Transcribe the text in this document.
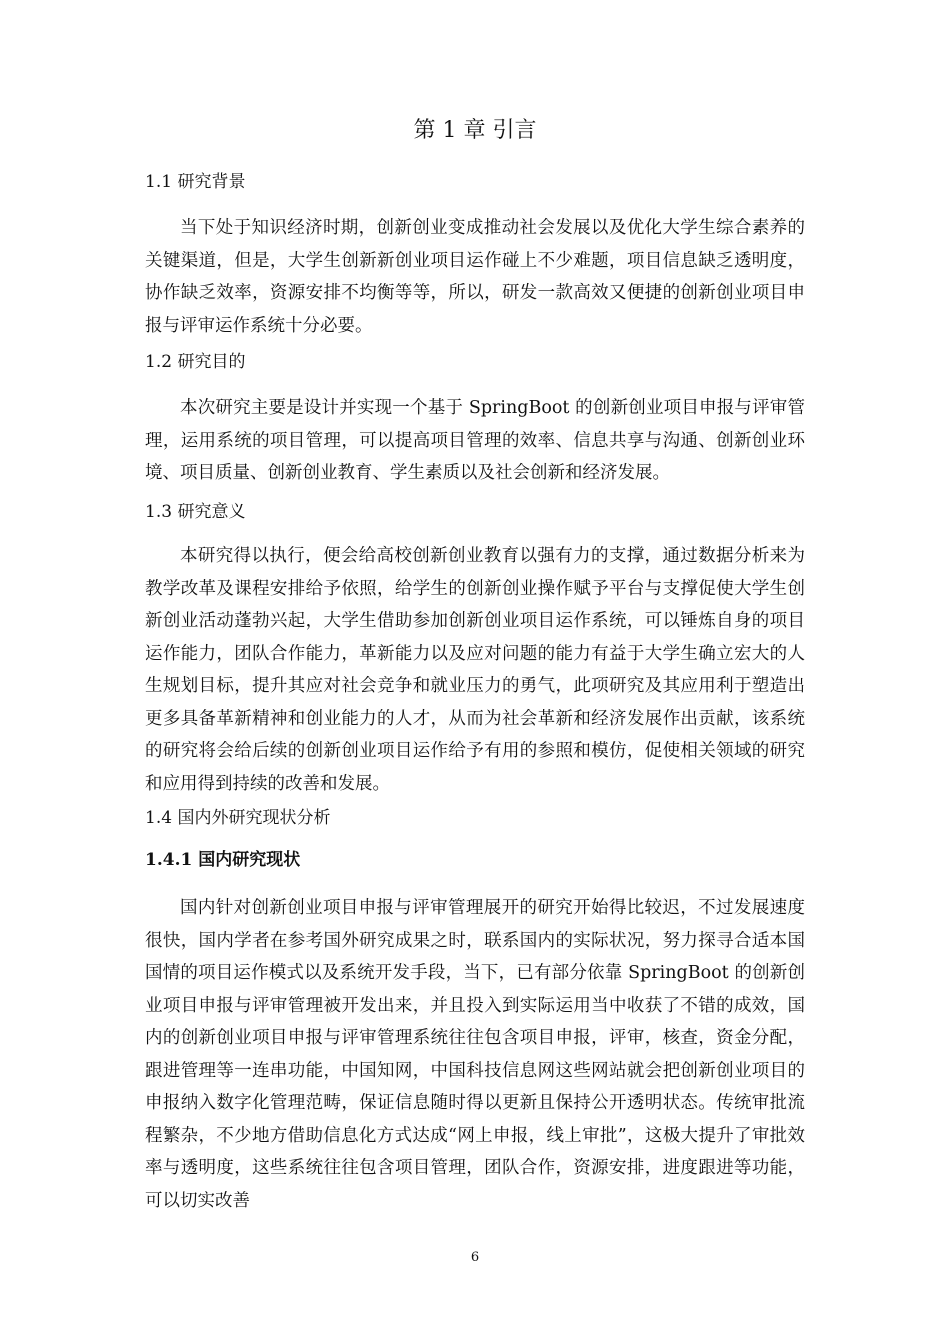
第 1 章 引言
1.1 研究背景

当下处于知识经济时期，创新创业变成推动社会发展以及优化大学生综合素养的关键渠道，但是，大学生创新新创业项目运作碰上不少难题，项目信息缺乏透明度，协作缺乏效率，资源安排不均衡等等，所以，研发一款高效又便捷的创新创业项目申报与评审运作系统十分必要。

1.2 研究目的

本次研究主要是设计并实现一个基于 SpringBoot 的创新创业项目申报与评审管理，运用系统的项目管理，可以提高项目管理的效率、信息共享与沟通、创新创业环境、项目质量、创新创业教育、学生素质以及社会创新和经济发展。

1.3 研究意义

本研究得以执行，便会给高校创新创业教育以强有力的支撑，通过数据分析来为教学改革及课程安排给予依照，给学生的创新创业操作赋予平台与支撑促使大学生创新创业活动蓬勃兴起，大学生借助参加创新创业项目运作系统，可以锤炼自身的项目运作能力，团队合作能力，革新能力以及应对问题的能力有益于大学生确立宏大的人生规划目标，提升其应对社会竞争和就业压力的勇气，此项研究及其应用利于塑造出更多具备革新精神和创业能力的人才，从而为社会革新和经济发展作出贡献，该系统的研究将会给后续的创新创业项目运作给予有用的参照和模仿，促使相关领域的研究和应用得到持续的改善和发展。

1.4 国内外研究现状分析
1.4.1 国内研究现状

国内针对创新创业项目申报与评审管理展开的研究开始得比较迟，不过发展速度很快，国内学者在参考国外研究成果之时，联系国内的实际状况，努力探寻合适本国国情的项目运作模式以及系统开发手段，当下，已有部分依靠 SpringBoot 的创新创业项目申报与评审管理被开发出来，并且投入到实际运用当中收获了不错的成效，国内的创新创业项目申报与评审管理系统往往包含项目申报，评审，核查，资金分配，跟进管理等一连串功能，中国知网，中国科技信息网这些网站就会把创新创业项目的申报纳入数字化管理范畴，保证信息随时得以更新且保持公开透明状态。传统审批流程繁杂，不少地方借助信息化方式达成“网上申报，线上审批”，这极大提升了审批效率与透明度，这些系统往往包含项目管理，团队合作，资源安排，进度跟进等功能，可以切实改善

6
